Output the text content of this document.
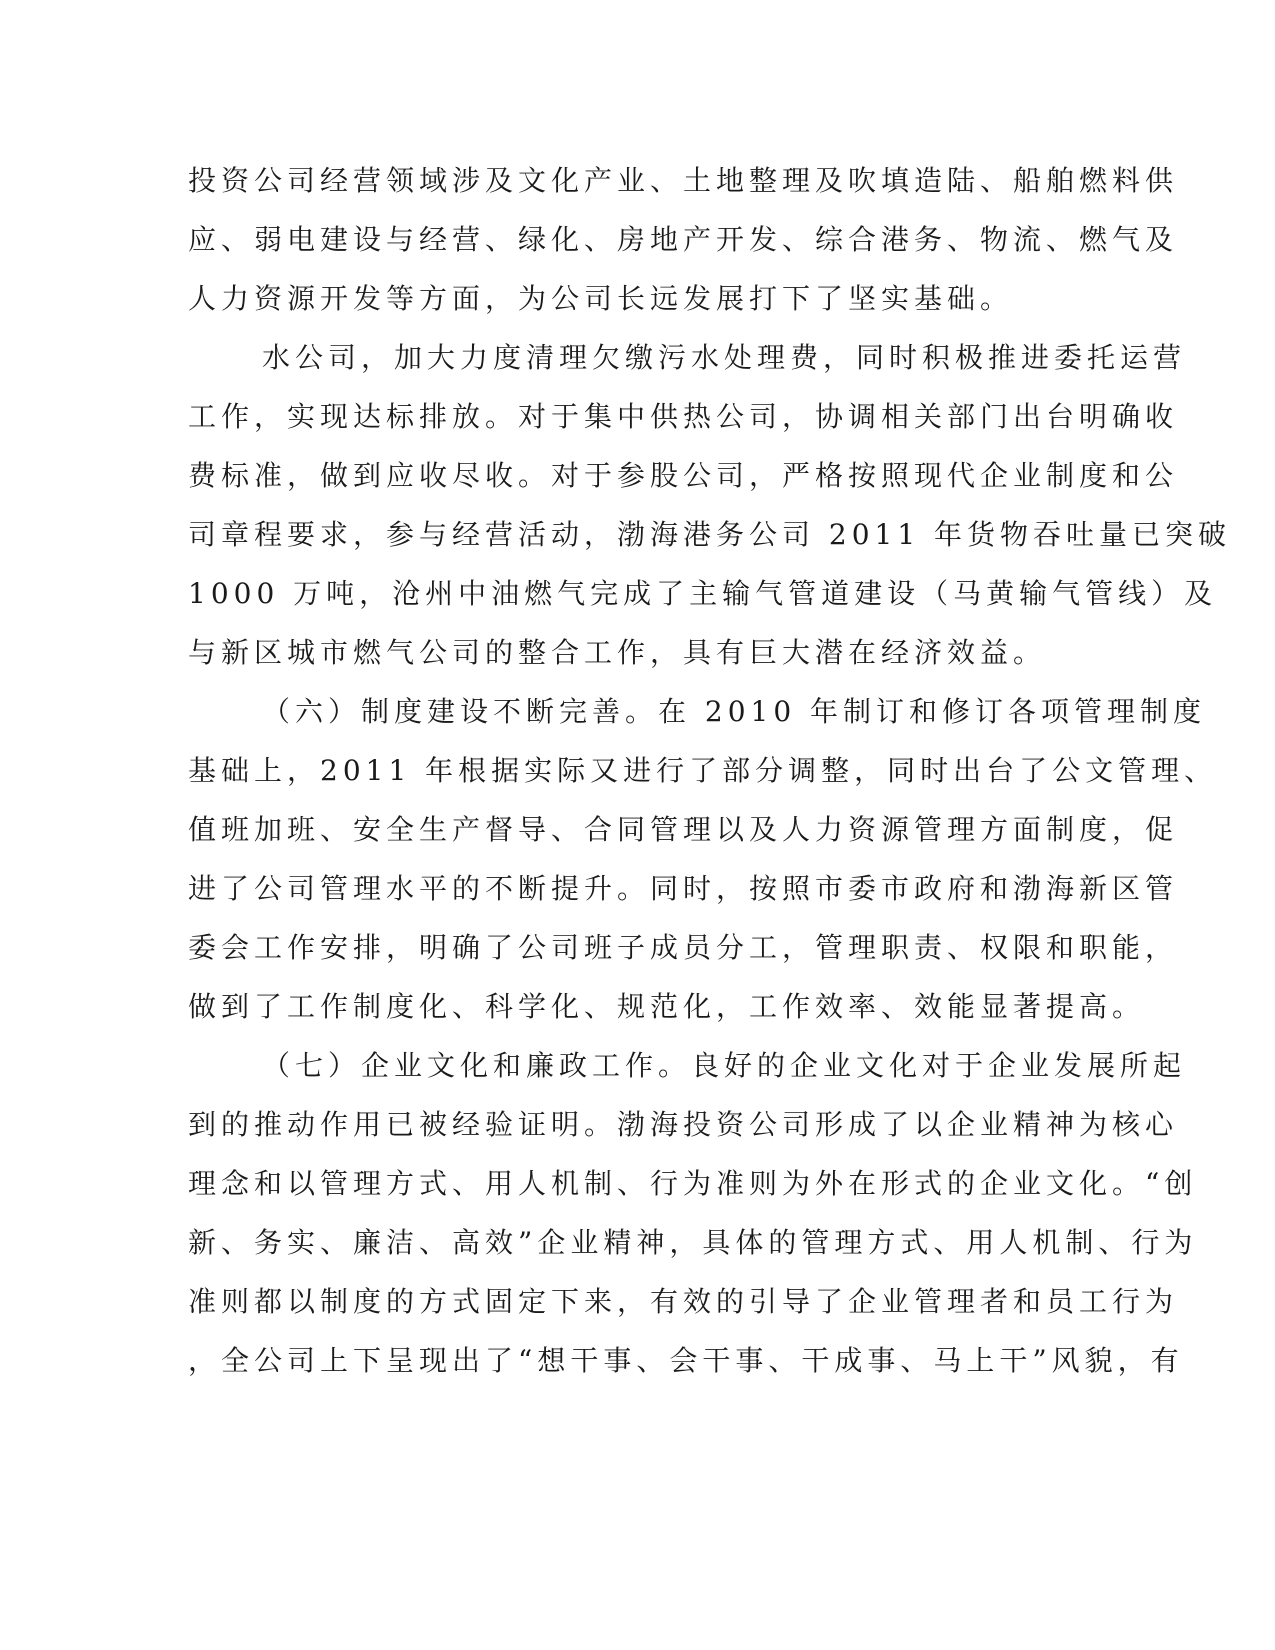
投资公司经营领域涉及文化产业、土地整理及吹填造陆、船舶燃料供
应、弱电建设与经营、绿化、房地产开发、综合港务、物流、燃气及
人力资源开发等方面，为公司长远发展打下了坚实基础。
水公司，加大力度清理欠缴污水处理费，同时积极推进委托运营
工作，实现达标排放。对于集中供热公司，协调相关部门出台明确收
费标准，做到应收尽收。对于参股公司，严格按照现代企业制度和公
司章程要求，参与经营活动，渤海港务公司 2011 年货物吞吐量已突破
1000 万吨，沧州中油燃气完成了主输气管道建设（马黄输气管线）及
与新区城市燃气公司的整合工作，具有巨大潜在经济效益。
（六）制度建设不断完善。在 2010 年制订和修订各项管理制度
基础上，2011 年根据实际又进行了部分调整，同时出台了公文管理、
值班加班、安全生产督导、合同管理以及人力资源管理方面制度，促
进了公司管理水平的不断提升。同时，按照市委市政府和渤海新区管
委会工作安排，明确了公司班子成员分工，管理职责、权限和职能，
做到了工作制度化、科学化、规范化，工作效率、效能显著提高。
（七）企业文化和廉政工作。良好的企业文化对于企业发展所起
到的推动作用已被经验证明。渤海投资公司形成了以企业精神为核心
理念和以管理方式、用人机制、行为准则为外在形式的企业文化。“创
新、务实、廉洁、高效”企业精神，具体的管理方式、用人机制、行为
准则都以制度的方式固定下来，有效的引导了企业管理者和员工行为
，全公司上下呈现出了“想干事、会干事、干成事、马上干”风貌，有
